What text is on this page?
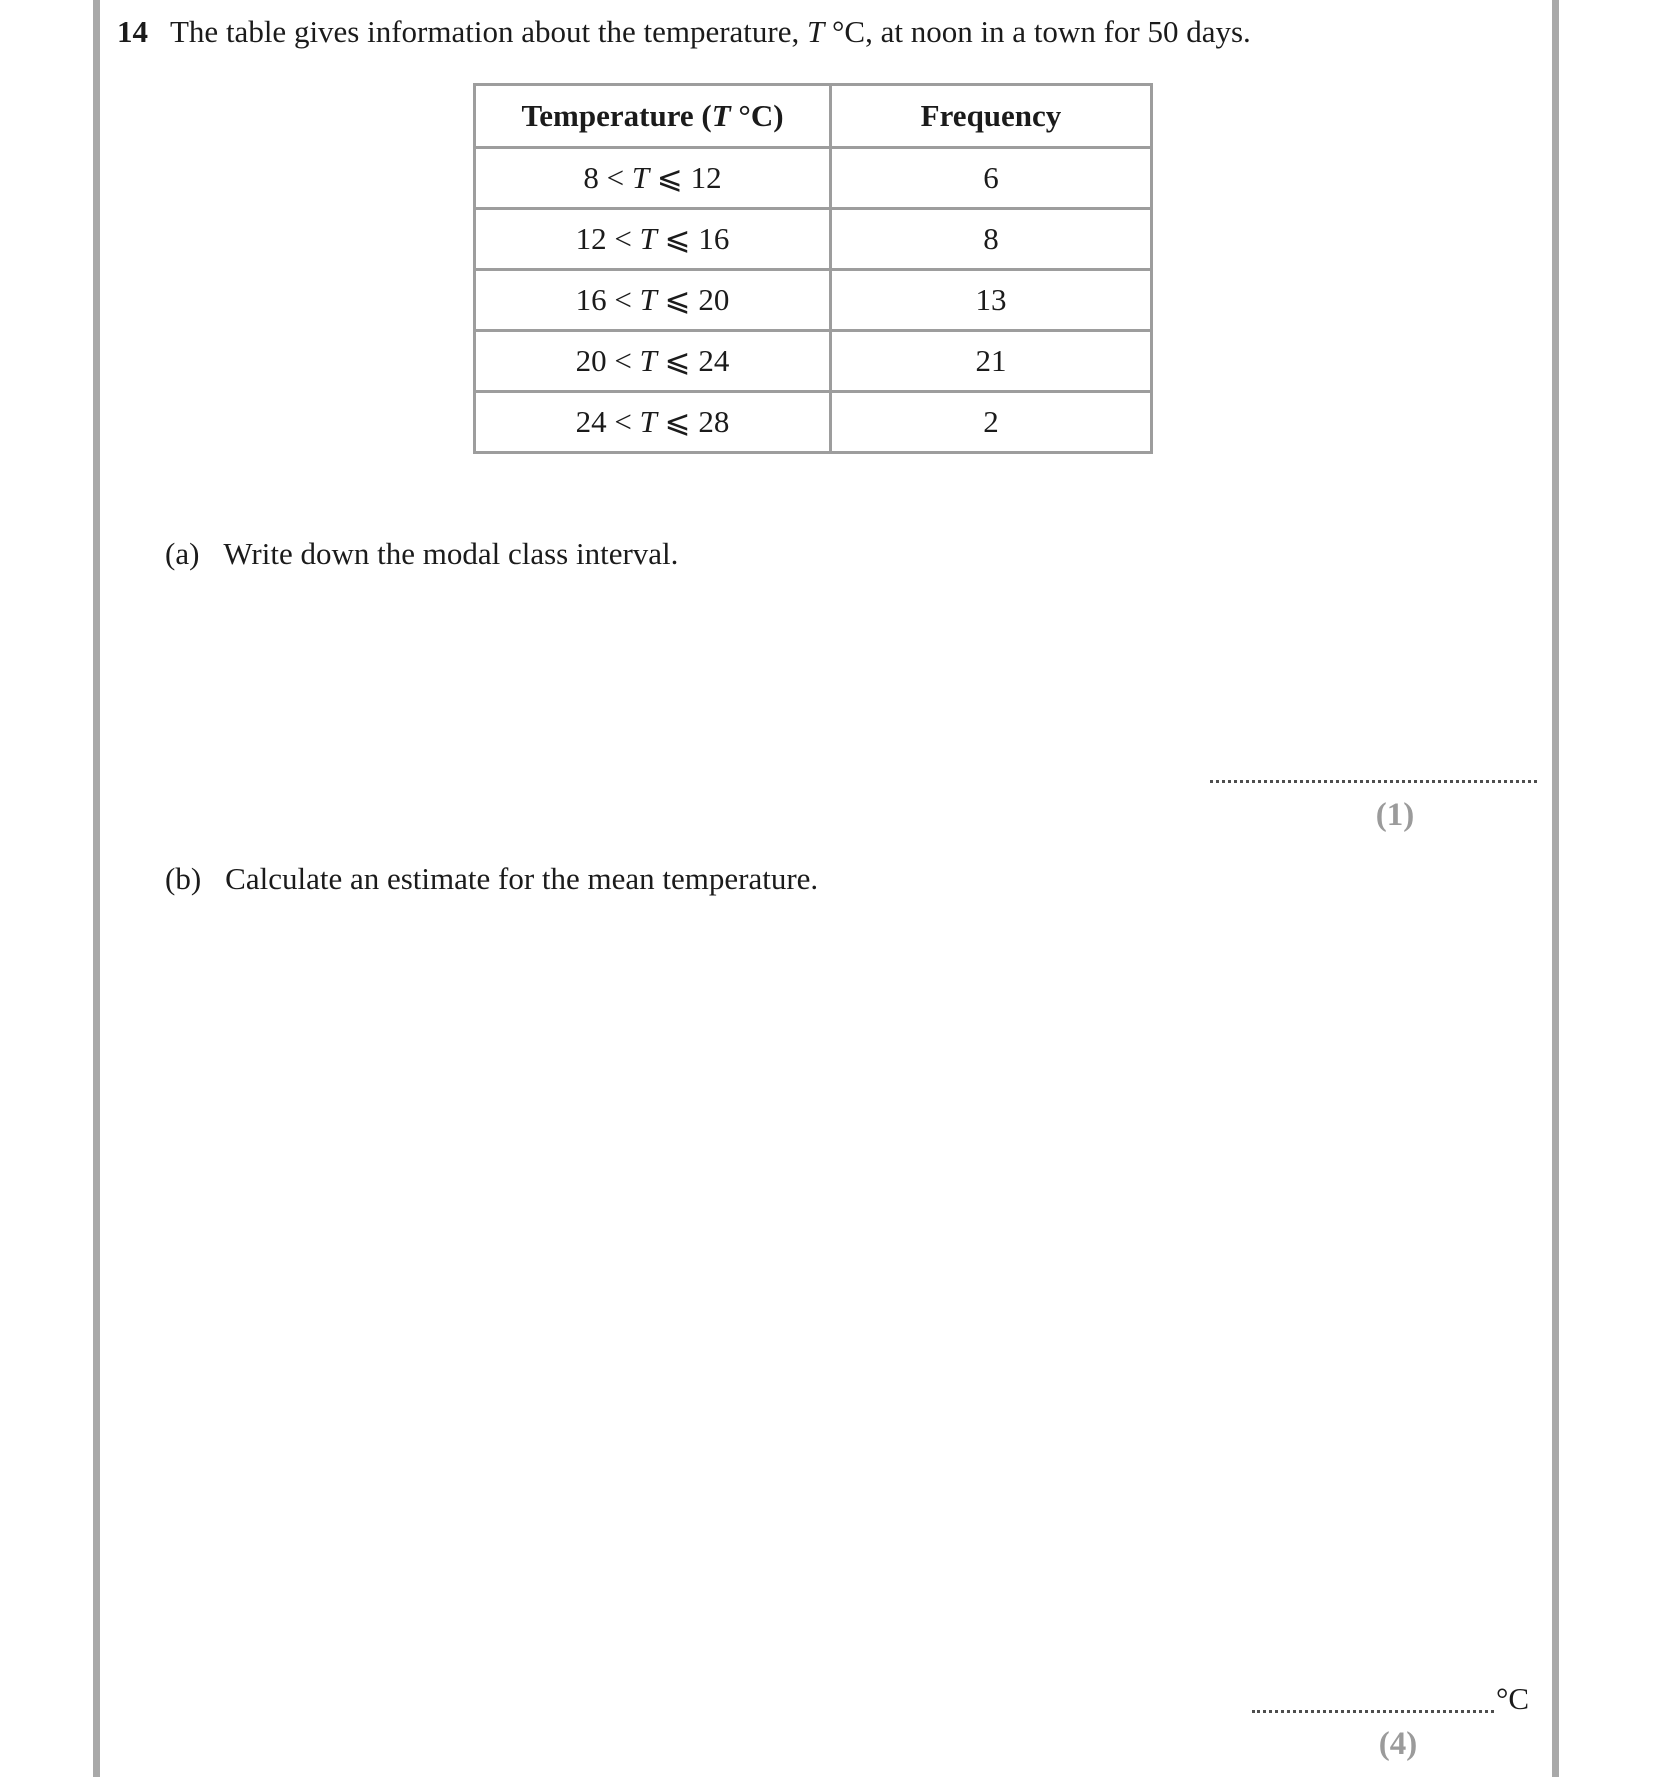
14 The table gives information about the temperature, T °C, at noon in a town for 50 days.
Temperature (T °C)	Frequency
8 < T ⩽ 12	6
12 < T ⩽ 16	8
16 < T ⩽ 20	13
20 < T ⩽ 24	21
24 < T ⩽ 28	2
(a) Write down the modal class interval.
(1)
(b) Calculate an estimate for the mean temperature.
°C
(4)
